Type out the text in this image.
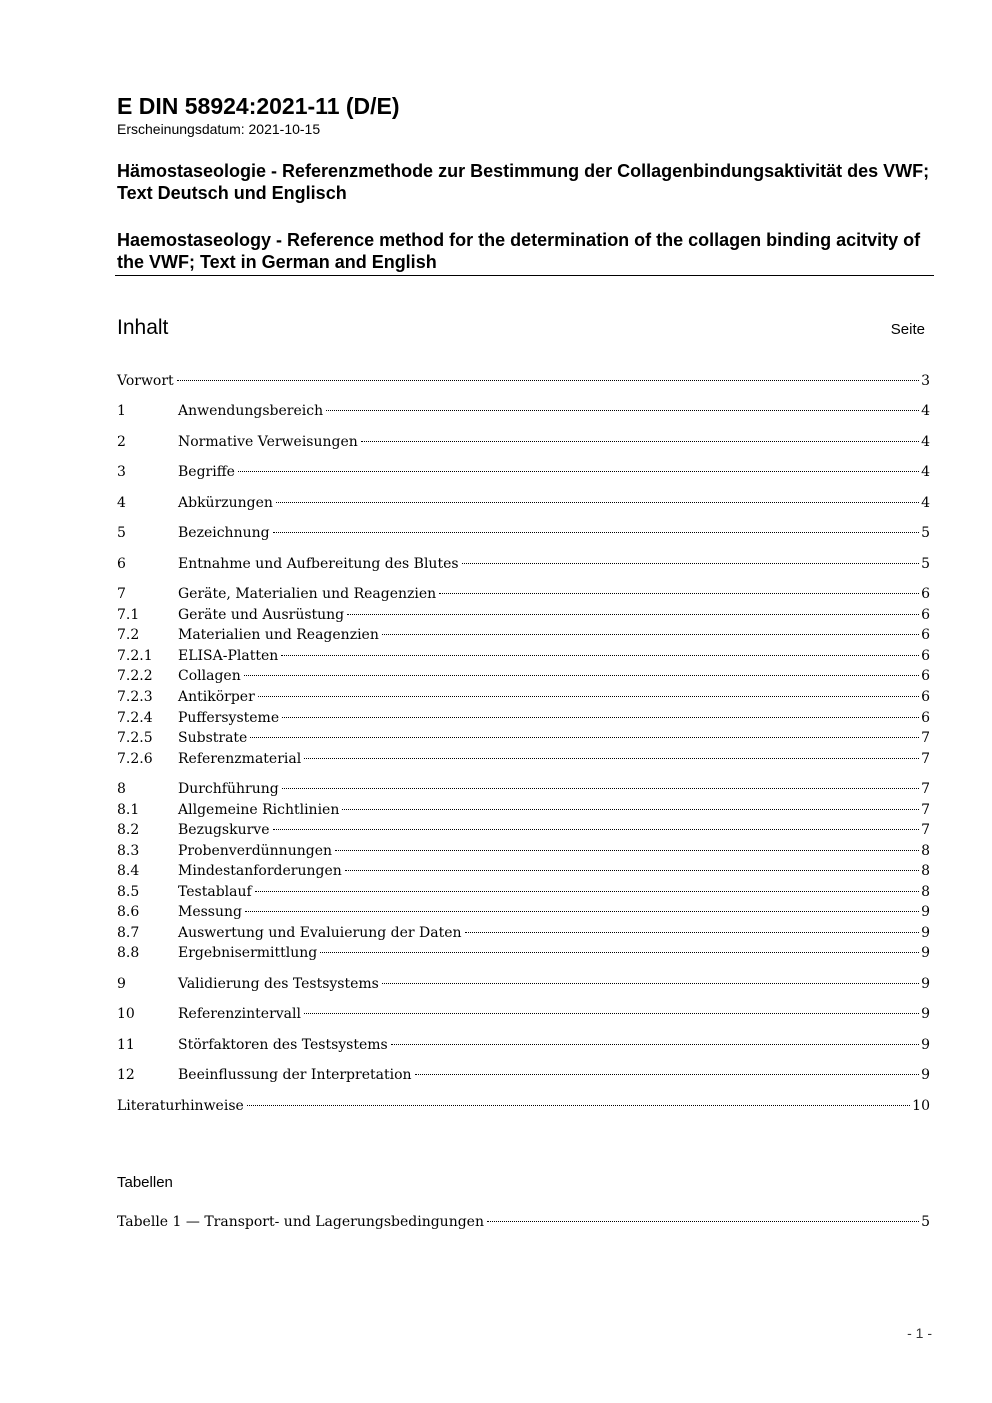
E DIN 58924:2021-11 (D/E)
Erscheinungsdatum: 2021-10-15
Hämostaseologie - Referenzmethode zur Bestimmung der Collagenbindungsaktivität des VWF; Text Deutsch und Englisch
Haemostaseology - Reference method for the determination of the collagen binding acitvity of the VWF; Text in German and English
Inhalt	Seite
Vorwort	3
1	Anwendungsbereich	4
2	Normative Verweisungen	4
3	Begriffe	4
4	Abkürzungen	4
5	Bezeichnung	5
6	Entnahme und Aufbereitung des Blutes	5
7	Geräte, Materialien und Reagenzien	6
7.1	Geräte und Ausrüstung	6
7.2	Materialien und Reagenzien	6
7.2.1	ELISA-Platten	6
7.2.2	Collagen	6
7.2.3	Antikörper	6
7.2.4	Puffersysteme	6
7.2.5	Substrate	7
7.2.6	Referenzmaterial	7
8	Durchführung	7
8.1	Allgemeine Richtlinien	7
8.2	Bezugskurve	7
8.3	Probenverdünnungen	8
8.4	Mindestanforderungen	8
8.5	Testablauf	8
8.6	Messung	9
8.7	Auswertung und Evaluierung der Daten	9
8.8	Ergebnisermittlung	9
9	Validierung des Testsystems	9
10	Referenzintervall	9
11	Störfaktoren des Testsystems	9
12	Beeinflussung der Interpretation	9
Literaturhinweise	10
Tabellen
Tabelle 1 — Transport- und Lagerungsbedingungen	5
- 1 -
